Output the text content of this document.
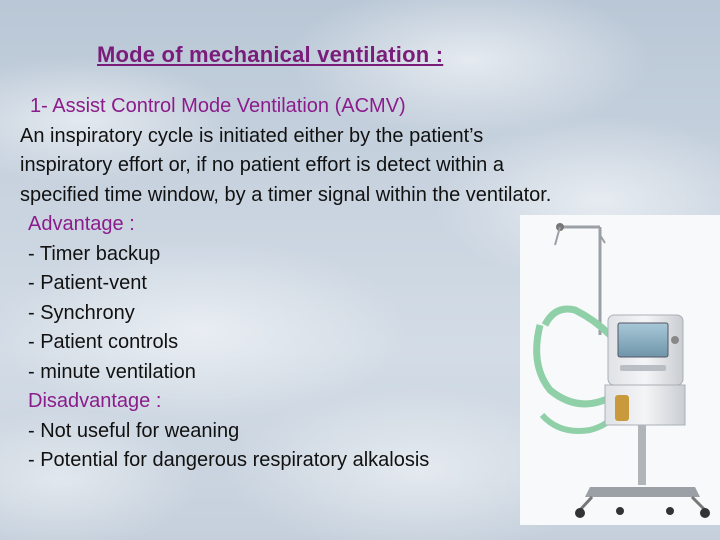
Mode of mechanical ventilation :
1- Assist Control Mode Ventilation (ACMV)
An inspiratory cycle is initiated either by the patient’s
inspiratory effort or, if no patient effort is detect within a
specified time window, by a timer signal within the ventilator.
Advantage :
- Timer backup
- Patient-vent
- Synchrony
- Patient controls
- minute ventilation
Disadvantage :
- Not useful for weaning
- Potential for dangerous respiratory alkalosis
